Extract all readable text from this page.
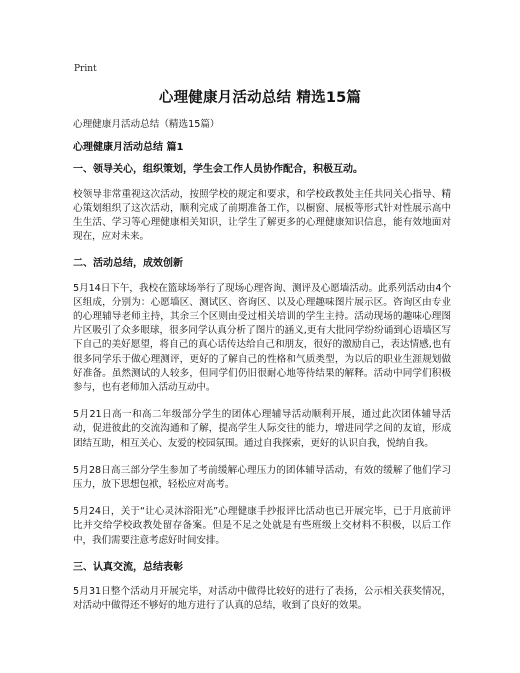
Print
心理健康月活动总结 精选15篇
心理健康月活动总结（精选15篇）
心理健康月活动总结 篇1
一、领导关心，组织策划，学生会工作人员协作配合，积极互动。
校领导非常重视这次活动，按照学校的规定和要求，和学校政教处主任共同关心指导、精心策划组织了这次活动，顺利完成了前期准备工作，以橱窗、展板等形式针对性展示高中生生活、学习等心理健康相关知识，让学生了解更多的心理健康知识信息，能有效地面对现在，应对未来。
二、活动总结，成效创新
5月14日下午，我校在篮球场举行了现场心理咨询、测评及心愿墙活动。此系列活动由4个区组成，分别为：心愿墙区、测试区、咨询区、以及心理趣味图片展示区。咨询区由专业的心理辅导老师主持，其余三个区则由受过相关培训的学生主持。活动现场的趣味心理图片区吸引了众多眼球，很多同学认真分析了图片的涵义,更有大批同学纷纷诵到心语墙区写下自己的美好愿望，将自己的真心话传达给自己和朋友，很好的激励自己，表达情感,也有很多同学乐于做心理测评，更好的了解自己的性格和气质类型，为以后的职业生涯规划做好准备。虽然测试的人较多，但同学们仍旧很耐心地等待结果的解释。活动中同学们积极参与，也有老师加入活动互动中。
5月21日高一和高二年级部分学生的团体心理辅导活动顺利开展，通过此次团体辅导活动，促进彼此的交流沟通和了解，提高学生人际交往的能力，增进同学之间的友谊，形成团结互助，相互关心、友爱的校园氛围。通过自我探索，更好的认识自我，悦纳自我。
5月28日高三部分学生参加了考前缓解心理压力的团体辅导活动，有效的缓解了他们学习压力，放下思想包袱，轻松应对高考。
5月24日，关于“让心灵沐浴阳光”心理健康手抄报评比活动也已开展完毕，已于月底前评比并交给学校政教处留存备案。但是不足之处就是有些班级上交材料不积极，以后工作中，我们需要注意考虑好时间安排。
三、认真交流，总结表彰
5月31日整个活动月开展完毕，对活动中做得比较好的进行了表扬，公示相关获奖情况，对活动中做得还不够好的地方进行了认真的总结，收到了良好的效果。
